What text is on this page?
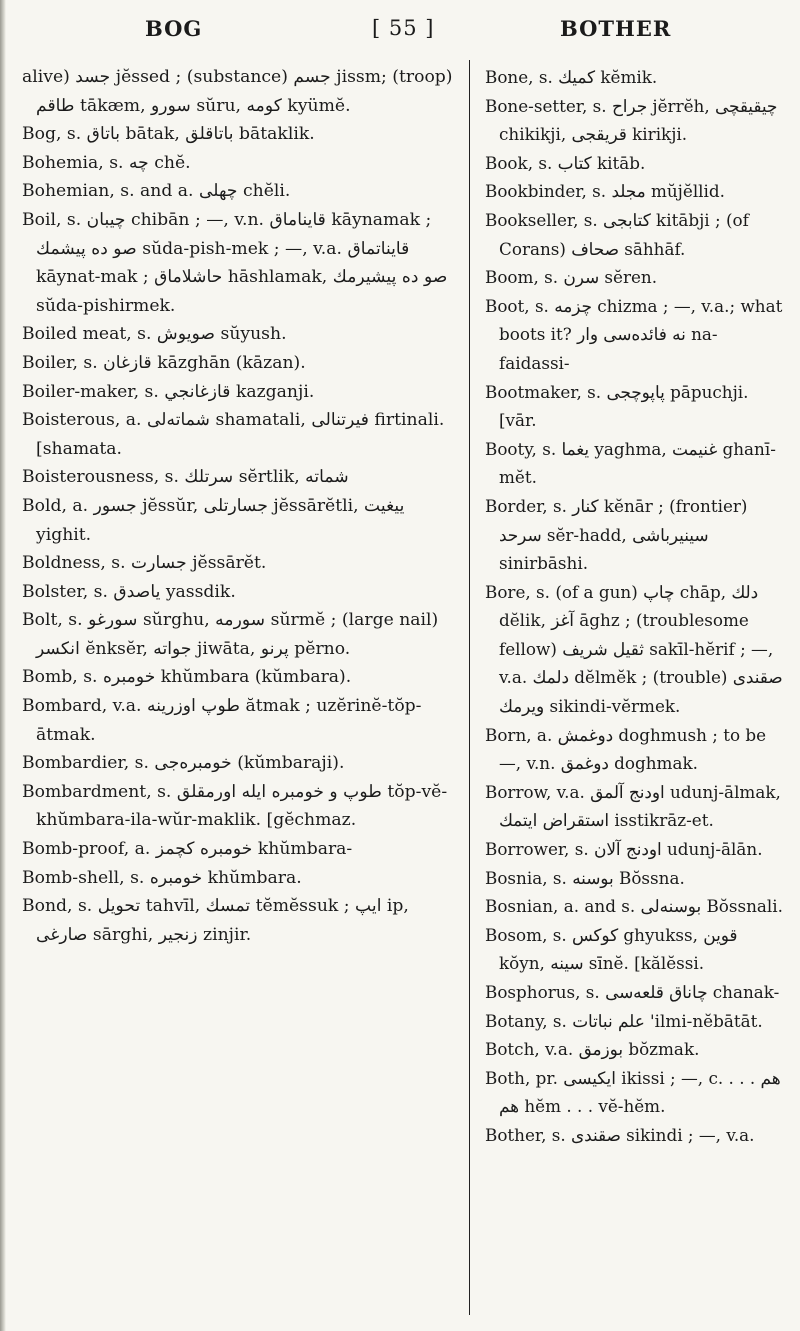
BOG	[ 55 ]	BOTHER

alive) جسد jĕssed ; (substance) جسم jissm; (troop) طاقم tākæm, سورو sŭru, كومه kyümĕ.

Bog, s. باتاق bātak, باتاقلق bātaklik.

Bohemia, s. چه chĕ.

Bohemian, s. and a. چهلی chĕli.

Boil, s. چيبان chibān ; —, v.n. قايناماق kāynamak ; صو دە پيشمك sŭda-pish-mek ; —, v.a. قايناتماق kāynat-mak ; حاشلاماق hāshlamak, صو دە پيشيرمك sŭda-pishirmek.

Boiled meat, s. صويوش sŭyush.

Boiler, s. قازغان kāzghān (kāzan).

Boiler-maker, s. قازغانجي kazganji.

Boisterous, a. شماتەلی shamatali, فيرتنالی firtinali. [shamata.

Boisterousness, s. سرتلك sĕrtlik, شماتە

Bold, a. جسور jĕssŭr, جسارتلی jĕssārĕtli, ييغيت yighit.

Boldness, s. جسارت jĕssārĕt.

Bolster, s. ياصدق yassdik.

Bolt, s. سورغو sŭrghu, سورمه sŭrmĕ ; (large nail) انكسر ĕnksĕr, جواتە jiwāta, پرنو pĕrno.

Bomb, s. خومبرە khŭmbara (kŭmbara).

Bombard, v.a. طوپ اوزرينه ătmak ; uzĕrinĕ-tŏp-ātmak.

Bombardier, s. خومبرەجی (kŭmbaraji).

Bombardment, s. طوپ و خومبرە ايله اورمقلق tŏp-vĕ-khŭmbara-ila-wŭr-maklik. [gĕchmaz.

Bomb-proof, a. خومبرە كچمز khŭmbara-

Bomb-shell, s. خومبرە khŭmbara.

Bond, s. تحويل tahvīl, تمسك tĕmĕssuk ; ايپ ip, صارغی sārghi, زنجير zinjir.

Bone, s. كميك kĕmik.

Bone-setter, s. جراح jĕrrĕh, چيقيقچی chikikji, قريقجی kirikji.

Book, s. كتاب kitāb.

Bookbinder, s. مجلد mŭjĕllid.

Bookseller, s. كتابجی kitābji ; (of Corans) صحاف sāhhāf.

Boom, s. سرن sĕren.

Boot, s. چزمه chizma ; —, v.a.; what boots it? نه فائدەسی وار na-faidassi-

Bootmaker, s. پاپوچجی pāpuchji. [vār.

Booty, s. يغما yaghma, غنيمت ghanī-mĕt.

Border, s. كنار kĕnār ; (frontier) سرحد sĕr-hadd, سينيرباشی sinirbāshi.

Bore, s. (of a gun) چاپ chāp, دلك dĕlik, آغز āghz ; (troublesome fellow) ثقيل شريف sakīl-hĕrif ; —, v.a. دلمك dĕlmĕk ; (trouble) صقندی ويرمك sikindi-vĕrmek.

Born, a. دوغمش doghmush ; to be —, v.n. دوغمق doghmak.

Borrow, v.a. اودنج آلمق udunj-ālmak, استقراض ايتمك isstikrāz-et.

Borrower, s. اودنج آلان udunj-ālān.

Bosnia, s. بوسنه Bŏssna.

Bosnian, a. and s. بوسنەلی Bŏssnali.

Bosom, s. كوكس ghyukss, قوين kŏyn, سينه sīnĕ. [kălĕssi.

Bosphorus, s. چاناق قلعەسی chanak-

Botany, s. علم نباتات 'ilmi-nĕbātāt.

Botch, v.a. بوزمق bŏzmak.

Both, pr. ايكيسی ikissi ; —, c. هم . . . هم hĕm . . . vĕ-hĕm.

Bother, s. صقندی sikindi ; —, v.a.
